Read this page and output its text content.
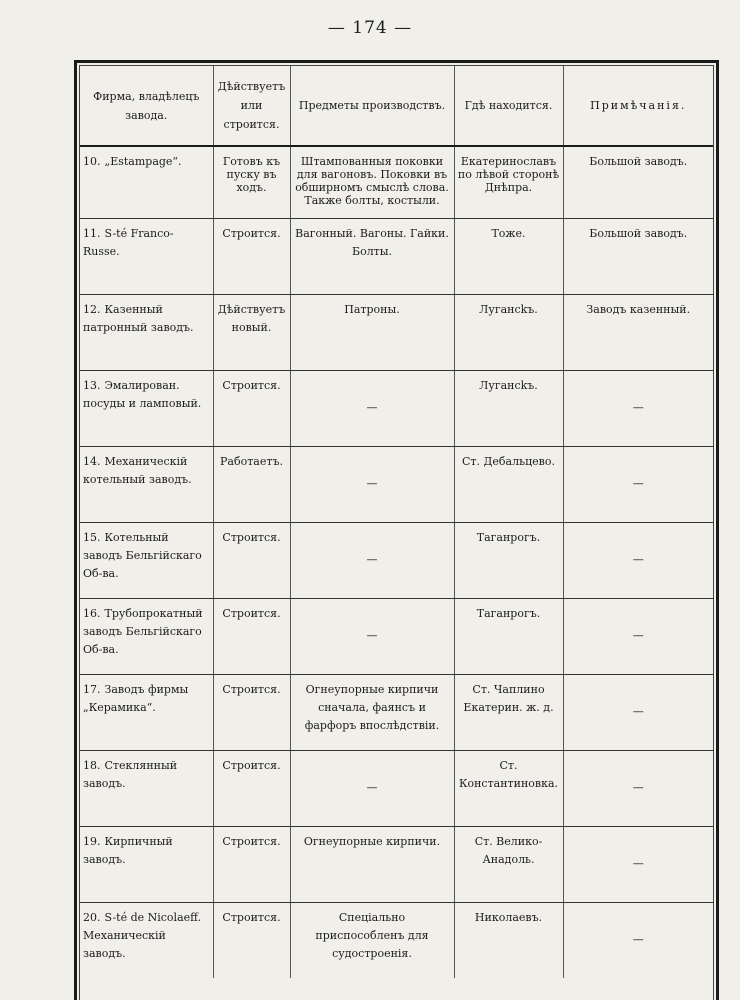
— 174 —
Фирма, владѣлецъ завода.	Дѣйствуетъ или строится.	Предметы производствъ.	Гдѣ находится.	Примѣчанія.
10. „Estampage“.	Готовъ къ пуску въ ходъ.	Штампованныя поковки для вагоновъ. Поковки въ обширномъ смыслѣ слова. Также болты, костыли.	Екатеринославъ по лѣвой сторонѣ Днѣпра.	Большой заводъ.
11. S-té Franco-Russe.	Строится.	Вагонный. Вагоны. Гайки. Болты.	Тоже.	Большой заводъ.
12. Казенный патронный заводъ.	Дѣйствуетъ новый.	Патроны.	Лугансkъ.	Заводъ казенный.
13. Эмалирован. посуды и ламповый.	Строится.	—	Лугансkъ.	—
14. Механическій котельный заводъ.	Работаетъ.	—	Ст. Дебальцево.	—
15. Котельный заводъ Бельгійскаго Об-ва.	Строится.	—	Таганрогъ.	—
16. Трубопрокатный заводъ Бельгійскаго Об-ва.	Строится.	—	Таганрогъ.	—
17. Заводъ фирмы „Керамика“.	Строится.	Огнеупорные кирпичи сначала, фаянсъ и фарфоръ впослѣдствіи.	Ст. Чаплино Екатерин. ж. д.	—
18. Стеклянный заводъ.	Строится.	—	Ст. Константиновка.	—
19. Кирпичный заводъ.	Строится.	Огнеупорные кирпичи.	Ст. Велико-Анадоль.	—
20. S-té de Nicolaeff. Механическій заводъ.	Строится.	Спеціально приспособленъ для судостроенія.	Николаевъ.	—
